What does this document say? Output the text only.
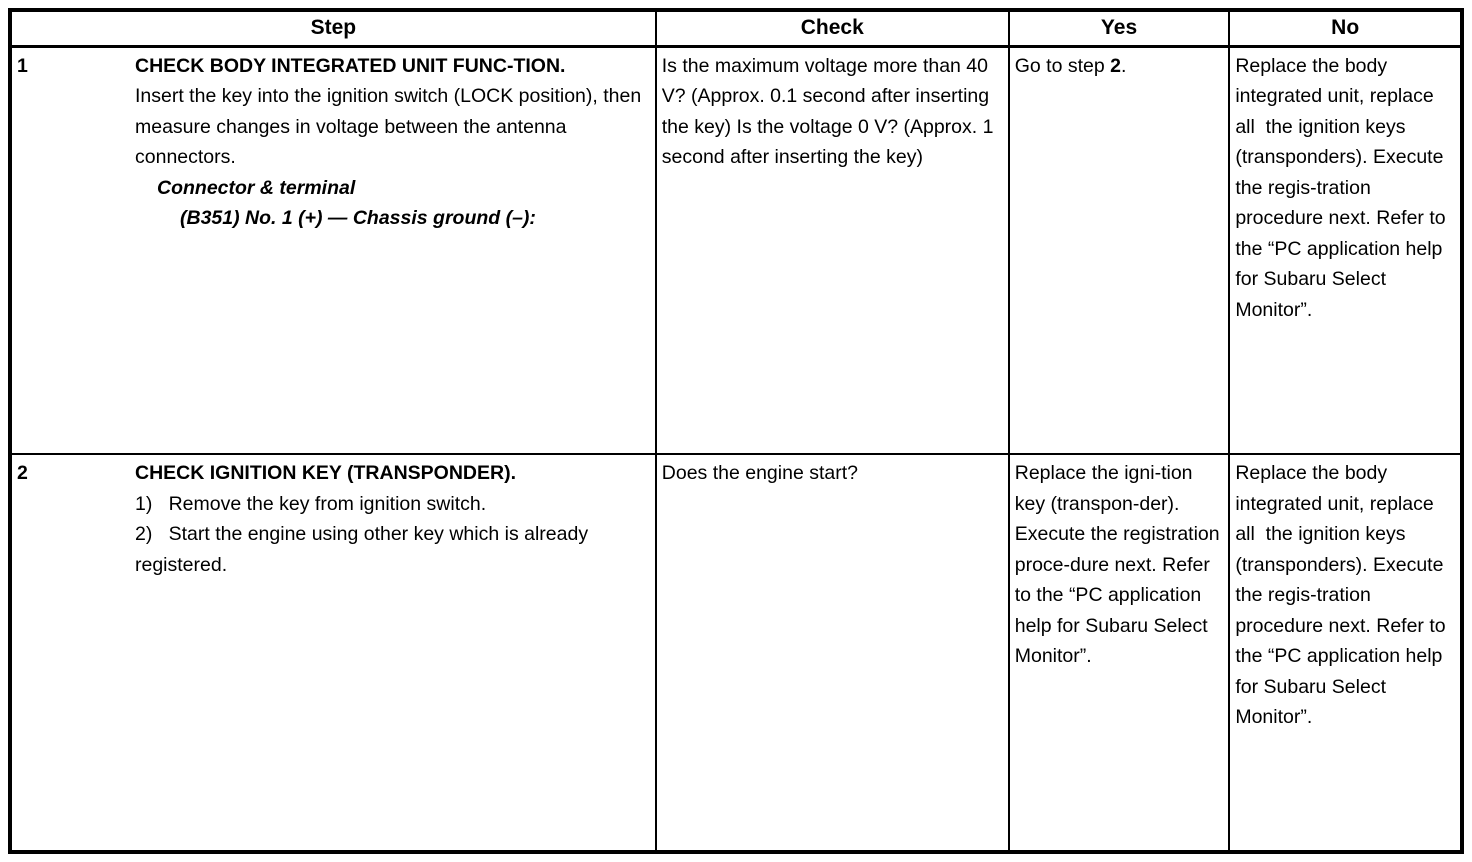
Step	Check	Yes	No

1 CHECK BODY INTEGRATED UNIT FUNC-TION.
Insert the key into the ignition switch (LOCK position), then measure changes in voltage between the antenna connectors.
Connector & terminal
(B351) No. 1 (+) — Chassis ground (–):	Is the maximum voltage more than 40 V? (Approx. 0.1 second after inserting the key) Is the voltage 0 V? (Approx. 1 second after inserting the key)	Go to step 2.	Replace the body integrated unit, replace all  the ignition keys (transponders). Execute the regis-tration procedure next. Refer to the “PC application help for Subaru Select Monitor”.

2 CHECK IGNITION KEY (TRANSPONDER).
1)   Remove the key from ignition switch.
2)   Start the engine using other key which is already registered.	Does the engine start?	Replace the igni-tion key (transpon-der). Execute the registration proce-dure next. Refer to the “PC application help for Subaru Select Monitor”.	Replace the body integrated unit, replace all  the ignition keys (transponders). Execute the regis-tration procedure next. Refer to the “PC application help for Subaru Select Monitor”.
